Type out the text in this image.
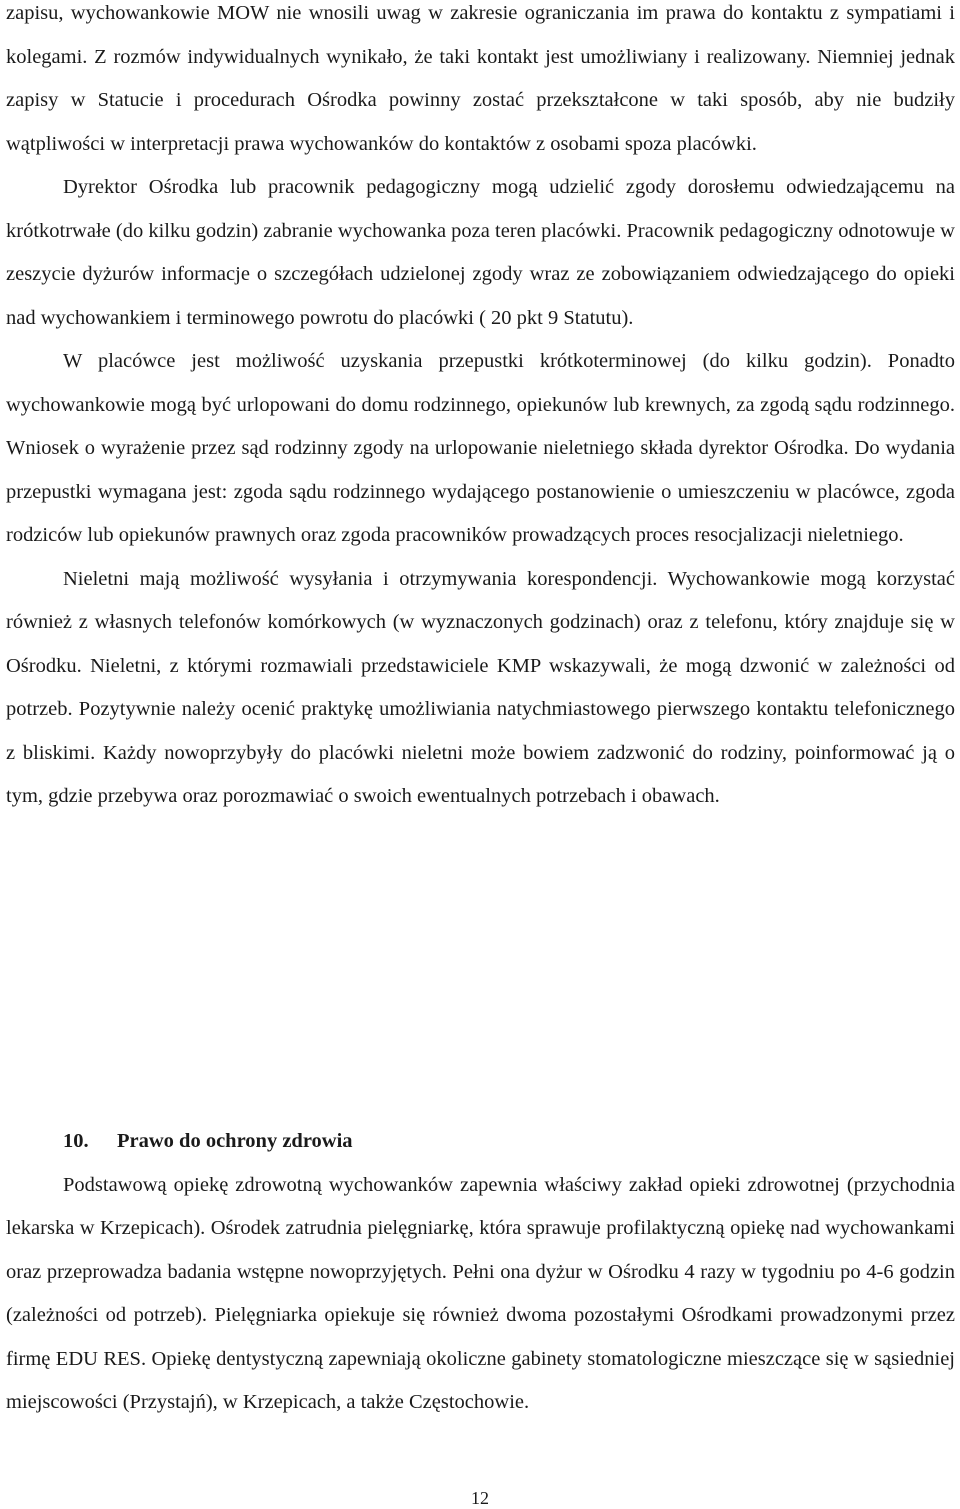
zapisu, wychowankowie MOW nie wnosili uwag w zakresie ograniczania im prawa do kontaktu z sympatiami i kolegami. Z rozmów indywidualnych wynikało, że taki kontakt jest umożliwiany i realizowany. Niemniej jednak zapisy w Statucie i procedurach Ośrodka powinny zostać przekształcone w taki sposób, aby nie budziły wątpliwości w interpretacji prawa wychowanków do kontaktów z osobami spoza placówki.

Dyrektor Ośrodka lub pracownik pedagogiczny mogą udzielić zgody dorosłemu odwiedzającemu na krótkotrwałe (do kilku godzin) zabranie wychowanka poza teren placówki. Pracownik pedagogiczny odnotowuje w zeszycie dyżurów informacje o szczegółach udzielonej zgody wraz ze zobowiązaniem odwiedzającego do opieki nad wychowankiem i terminowego powrotu do placówki ( 20 pkt 9 Statutu).

W placówce jest możliwość uzyskania przepustki krótkoterminowej (do kilku godzin). Ponadto wychowankowie mogą być urlopowani do domu rodzinnego, opiekunów lub krewnych, za zgodą sądu rodzinnego. Wniosek o wyrażenie przez sąd rodzinny zgody na urlopowanie nieletniego składa dyrektor Ośrodka. Do wydania przepustki wymagana jest: zgoda sądu rodzinnego wydającego postanowienie o umieszczeniu w placówce, zgoda rodziców lub opiekunów prawnych oraz zgoda pracowników prowadzących proces resocjalizacji nieletniego.

Nieletni mają możliwość wysyłania i otrzymywania korespondencji. Wychowankowie mogą korzystać również z własnych telefonów komórkowych (w wyznaczonych godzinach) oraz z telefonu, który znajduje się w Ośrodku. Nieletni, z którymi rozmawiali przedstawiciele KMP wskazywali, że mogą dzwonić w zależności od potrzeb. Pozytywnie należy ocenić praktykę umożliwiania natychmiastowego pierwszego kontaktu telefonicznego z bliskimi. Każdy nowoprzybyły do placówki nieletni może bowiem zadzwonić do rodziny, poinformować ją o tym, gdzie przebywa oraz porozmawiać o swoich ewentualnych potrzebach i obawach.

10. Prawo do ochrony zdrowia

Podstawową opiekę zdrowotną wychowanków zapewnia właściwy zakład opieki zdrowotnej (przychodnia lekarska w Krzepicach). Ośrodek zatrudnia pielęgniarkę, która sprawuje profilaktyczną opiekę nad wychowankami oraz przeprowadza badania wstępne nowoprzyjętych. Pełni ona dyżur w Ośrodku 4 razy w tygodniu po 4-6 godzin (zależności od potrzeb). Pielęgniarka opiekuje się również dwoma pozostałymi Ośrodkami prowadzonymi przez firmę EDU RES. Opiekę dentystyczną zapewniają okoliczne gabinety stomatologiczne mieszczące się w sąsiedniej miejscowości (Przystajń), w Krzepicach, a także Częstochowie.

12
